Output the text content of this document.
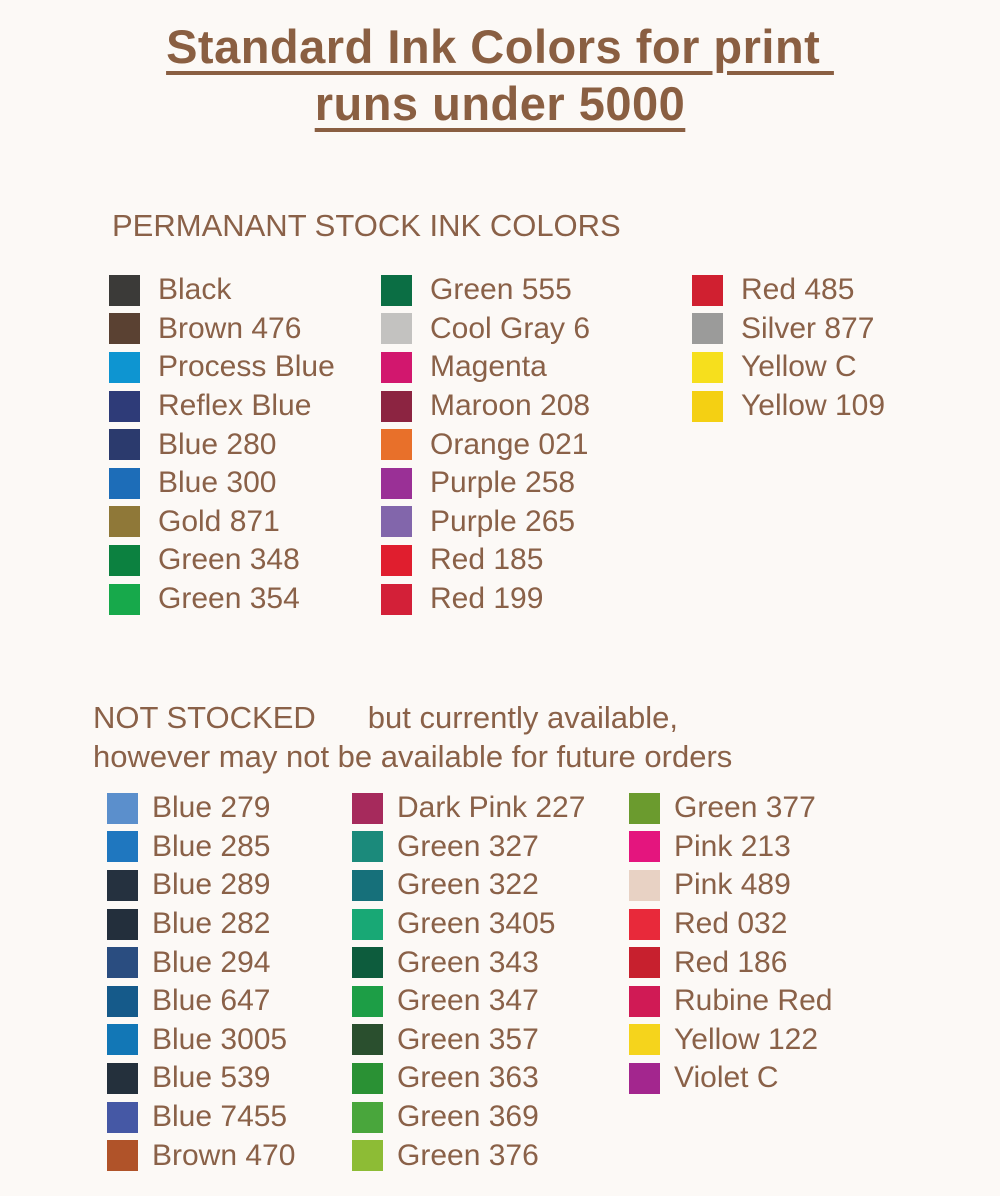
Standard Ink Colors for print
runs under 5000
PERMANANT STOCK INK COLORS
Black
Brown 476
Process Blue
Reflex Blue
Blue 280
Blue 300
Gold 871
Green 348
Green 354
Green 555
Cool Gray 6
Magenta
Maroon 208
Orange 021
Purple 258
Purple 265
Red 185
Red 199
Red 485
Silver 877
Yellow C
Yellow 109
NOT STOCKED but currently available,
however may not be available for future orders
Blue 279
Blue 285
Blue 289
Blue 282
Blue 294
Blue 647
Blue 3005
Blue 539
Blue 7455
Brown 470
Dark Pink 227
Green 327
Green 322
Green 3405
Green 343
Green 347
Green 357
Green 363
Green 369
Green 376
Green 377
Pink 213
Pink 489
Red 032
Red 186
Rubine Red
Yellow 122
Violet C
